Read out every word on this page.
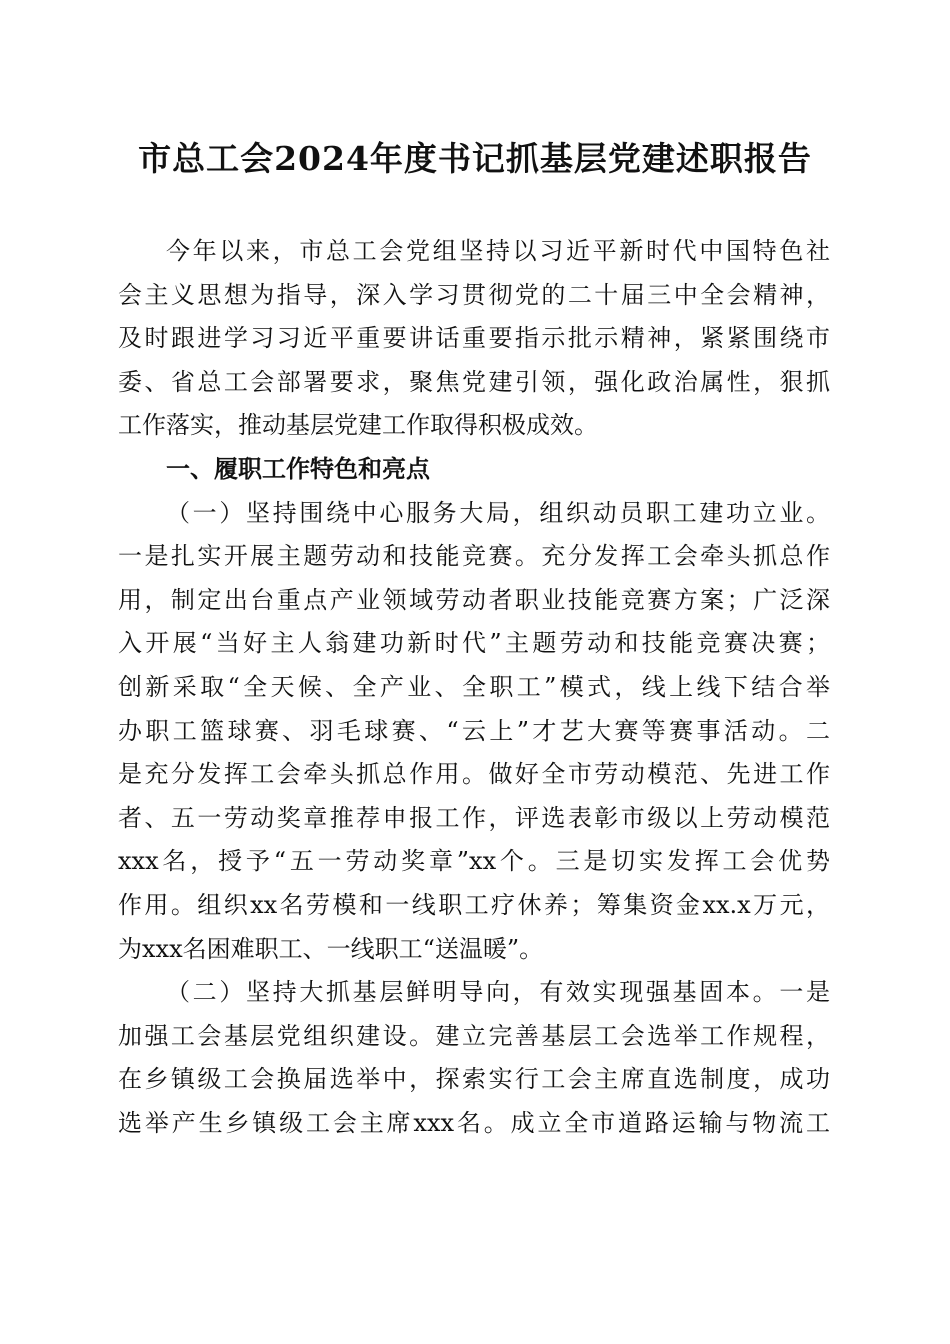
市总工会2024年度书记抓基层党建述职报告
今年以来，市总工会党组坚持以习近平新时代中国特色社
会主义思想为指导，深入学习贯彻党的二十届三中全会精神，
及时跟进学习习近平重要讲话重要指示批示精神，紧紧围绕市
委、省总工会部署要求，聚焦党建引领，强化政治属性，狠抓
工作落实，推动基层党建工作取得积极成效。
一、履职工作特色和亮点
（一）坚持围绕中心服务大局，组织动员职工建功立业。
一是扎实开展主题劳动和技能竞赛。充分发挥工会牵头抓总作
用，制定出台重点产业领域劳动者职业技能竞赛方案；广泛深
入开展“当好主人翁建功新时代”主题劳动和技能竞赛决赛；
创新采取“全天候、全产业、全职工”模式，线上线下结合举
办职工篮球赛、羽毛球赛、“云上”才艺大赛等赛事活动。二
是充分发挥工会牵头抓总作用。做好全市劳动模范、先进工作
者、五一劳动奖章推荐申报工作，评选表彰市级以上劳动模范
xxx名，授予“五一劳动奖章”xx个。三是切实发挥工会优势
作用。组织xx名劳模和一线职工疗休养；筹集资金xx.x万元，
为xxx名困难职工、一线职工“送温暖”。
（二）坚持大抓基层鲜明导向，有效实现强基固本。一是
加强工会基层党组织建设。建立完善基层工会选举工作规程，
在乡镇级工会换届选举中，探索实行工会主席直选制度，成功
选举产生乡镇级工会主席xxx名。成立全市道路运输与物流工
